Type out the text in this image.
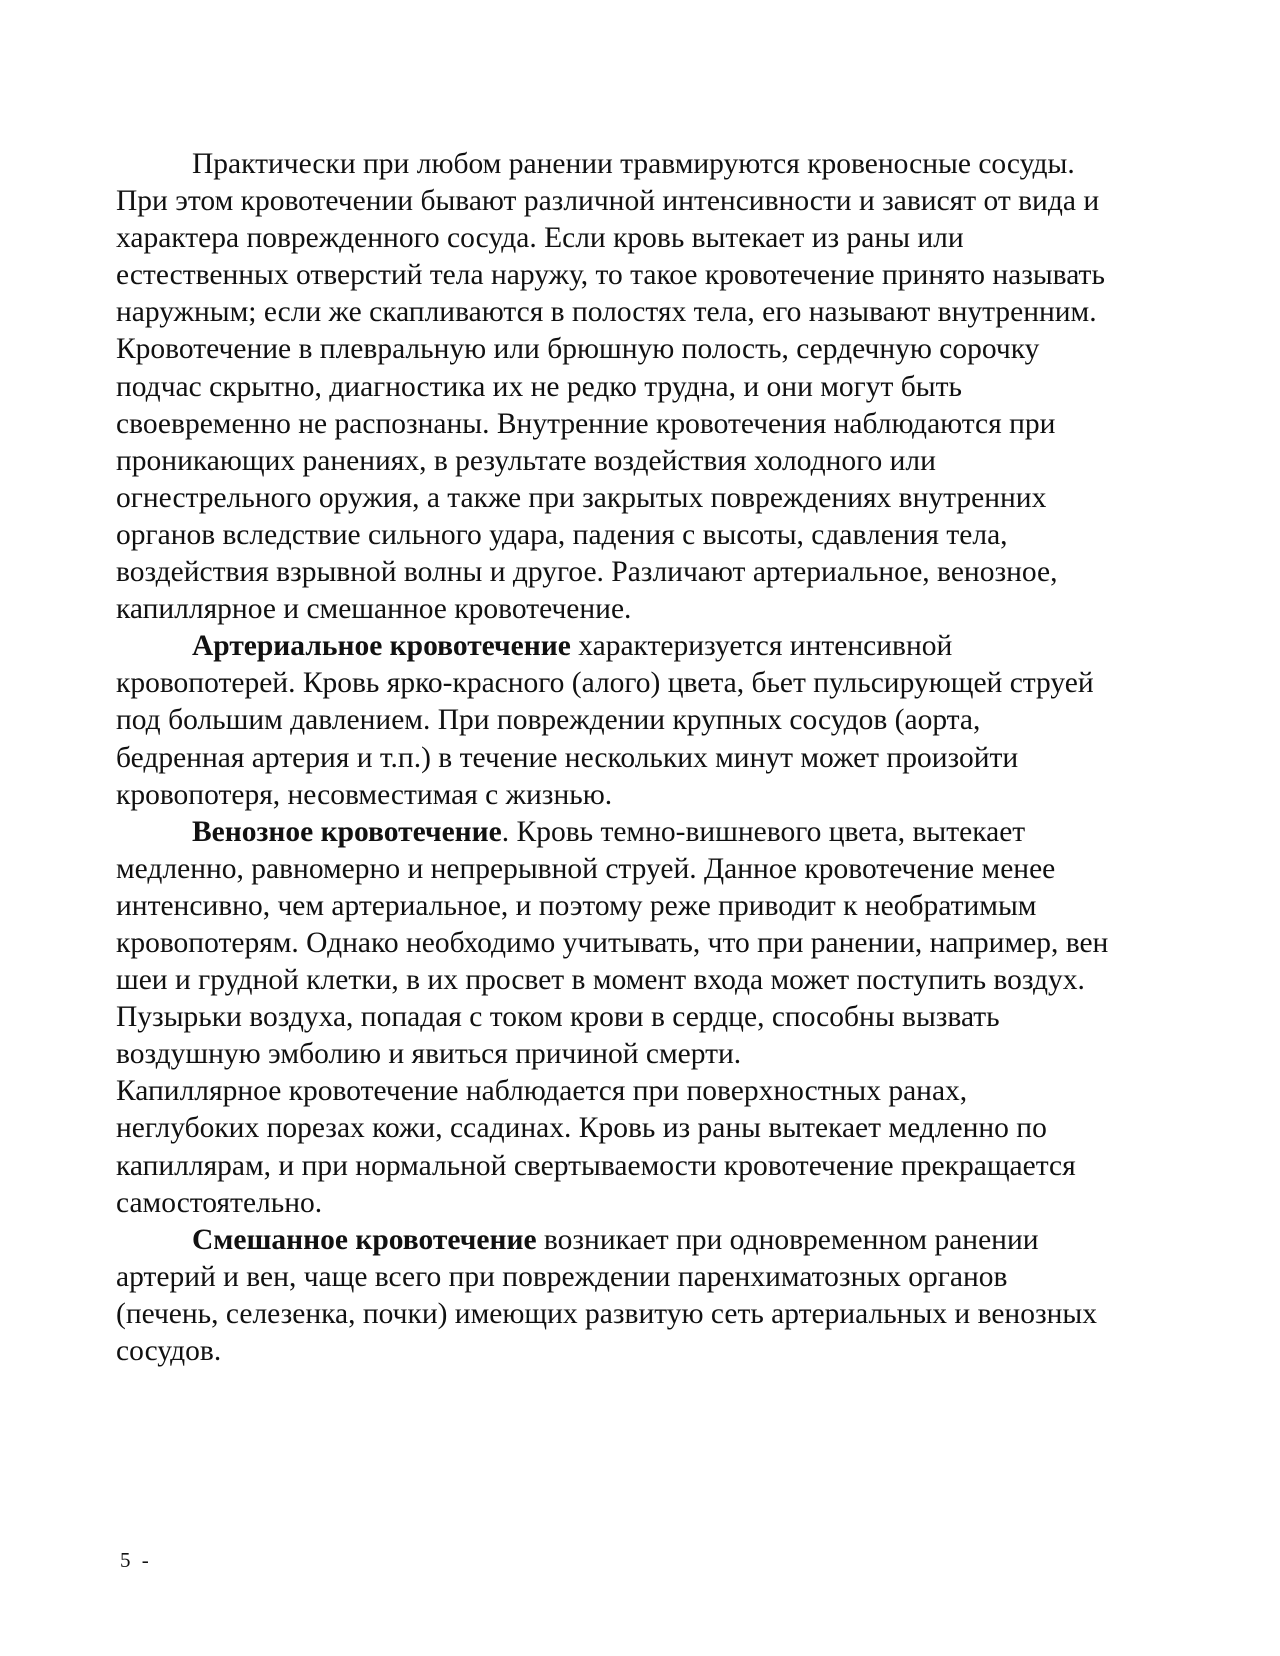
Практически при любом ранении травмируются кровеносные сосуды. При этом кровотечении бывают различной интенсивности и зависят от вида и характера поврежденного сосуда. Если кровь вытекает из раны или естественных отверстий тела наружу, то такое кровотечение принято называть наружным; если же скапливаются в полостях тела, его называют внутренним. Кровотечение в плевральную или брюшную полость, сердечную сорочку подчас скрытно, диагностика их не редко трудна, и они могут быть своевременно не распознаны. Внутренние кровотечения наблюдаются при проникающих ранениях, в результате воздействия холодного или огнестрельного оружия, а также при закрытых повреждениях внутренних органов вследствие сильного удара, падения с высоты, сдавления тела, воздействия взрывной волны и другое. Различают артериальное, венозное, капиллярное и смешанное кровотечение.

Артериальное кровотечение характеризуется интенсивной кровопотерей. Кровь ярко-красного (алого) цвета, бьет пульсирующей струей под большим давлением. При повреждении крупных сосудов (аорта, бедренная артерия и т.п.) в течение нескольких минут может произойти кровопотеря, несовместимая с жизнью.

Венозное кровотечение. Кровь темно-вишневого цвета, вытекает медленно, равномерно и непрерывной струей. Данное кровотечение менее интенсивно, чем артериальное, и поэтому реже приводит к необратимым кровопотерям. Однако необходимо учитывать, что при ранении, например, вен шеи и грудной клетки, в их просвет в момент входа может поступить воздух. Пузырьки воздуха, попадая с током крови в сердце, способны вызвать воздушную эмболию и явиться причиной смерти.

Капиллярное кровотечение наблюдается при поверхностных ранах, неглубоких порезах кожи, ссадинах. Кровь из раны вытекает медленно по капиллярам, и при нормальной свертываемости кровотечение прекращается самостоятельно.

Смешанное кровотечение возникает при одновременном ранении артерий и вен, чаще всего при повреждении паренхиматозных органов (печень, селезенка, почки) имеющих развитую сеть артериальных и венозных сосудов.

5 -
